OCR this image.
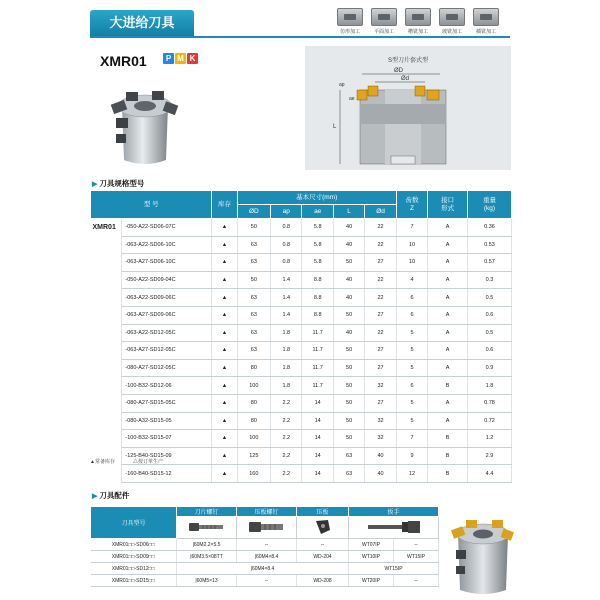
大进给刀具
仿形加工	平面加工	槽铣加工	坡铣加工	插铣加工
XMR01	P M K	S型刀片套式型
ØD
Ød
L
ap
ae
▶ 刀具规格型号
型 号		库存	基本尺寸(mm)					齿数
Z	接口
形式	重量
(kg)
			ØD	ap	ae	L	Ød			
XMR01	-050-A22-SD06-07C	▲	50	0.8	5.8	40	22	7	A	0.36
	-063-A22-SD06-10C	▲	63	0.8	5.8	40	22	10	A	0.53
	-063-A27-SD06-10C	▲	63	0.8	5.8	50	27	10	A	0.57
	-050-A22-SD09-04C	▲	50	1.4	8.8	40	22	4	A	0.3
	-063-A22-SD09-06C	▲	63	1.4	8.8	40	22	6	A	0.5
	-063-A27-SD09-06C	▲	63	1.4	8.8	50	27	6	A	0.6
	-063-A22-SD12-05C	▲	63	1.8	11.7	40	22	5	A	0.5
	-063-A27-SD12-05C	▲	63	1.8	11.7	50	27	5	A	0.6
	-080-A27-SD12-05C	▲	80	1.8	11.7	50	27	5	A	0.9
	-100-B32-SD12-06	▲	100	1.8	11.7	50	32	6	B	1.8
	-080-A27-SD15-05C	▲	80	2.2	14	50	27	5	A	0.78
	-080-A32-SD15-05	▲	80	2.2	14	50	32	5	A	0.72
	-100-B32-SD15-07	▲	100	2.2	14	50	32	7	B	1.2
	-125-B40-SD15-09	▲	125	2.2	14	63	40	9	B	2.9
	-160-B40-SD15-12	▲	160	2.2	14	63	40	12	B	4.4
▲常备库存	△按订单生产
▶ 刀具配件
刀具型号	刀片螺钉	压板螺钉	压板	扳手	

XMR01□□-SD06□□	|60M2.2×5.5	--	--	WT07IP	--
XMR01□□-SD09□□	|60M3.5×08TT	|60M4×8.4	WD-204	WT10IP	WT15IP
XMR01□□-SD12□□	|60M4×8.4			WT15IP	
XMR01□□-SD15□□	|60M5×13	--	WD-208	WT20IP	--
